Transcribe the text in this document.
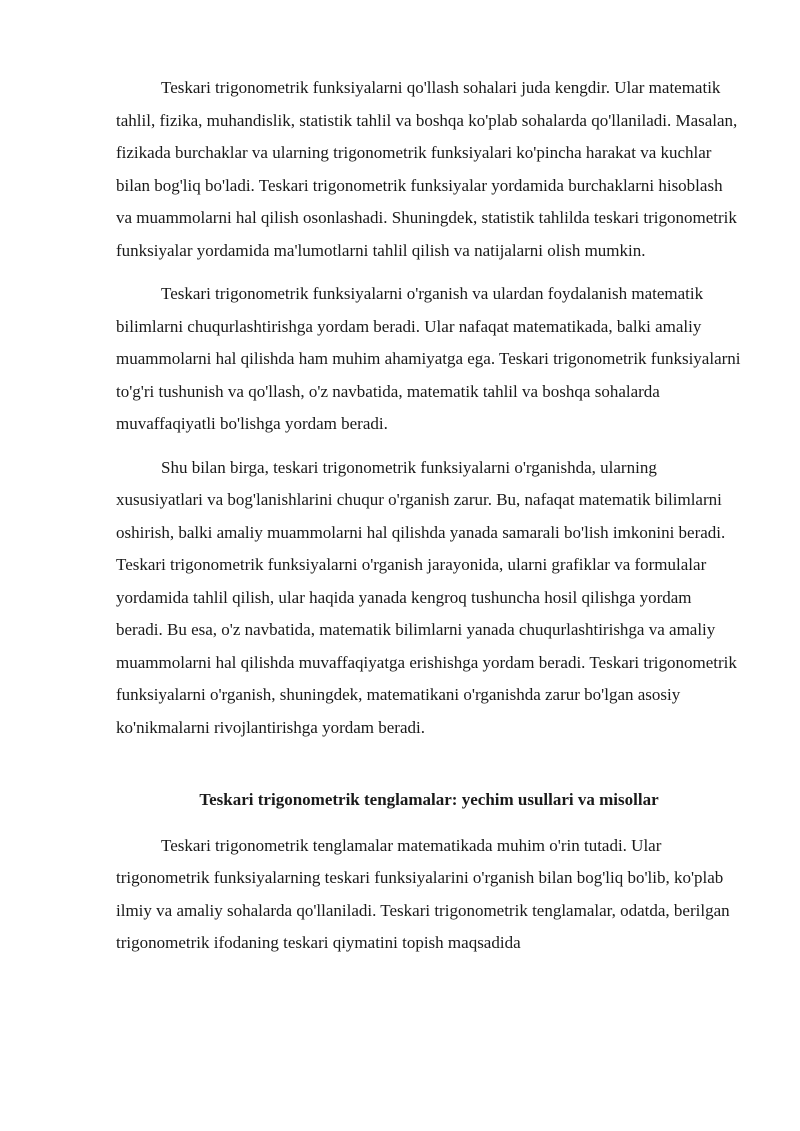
Teskari trigonometrik funksiyalarni qo'llash sohalari juda kengdir. Ular matematik tahlil, fizika, muhandislik, statistik tahlil va boshqa ko'plab sohalarda qo'llaniladi. Masalan, fizikada burchaklar va ularning trigonometrik funksiyalari ko'pincha harakat va kuchlar bilan bog'liq bo'ladi. Teskari trigonometrik funksiyalar yordamida burchaklarni hisoblash va muammolarni hal qilish osonlashadi. Shuningdek, statistik tahlilda teskari trigonometrik funksiyalar yordamida ma'lumotlarni tahlil qilish va natijalarni olish mumkin.

Teskari trigonometrik funksiyalarni o'rganish va ulardan foydalanish matematik bilimlarni chuqurlashtirishga yordam beradi. Ular nafaqat matematikada, balki amaliy muammolarni hal qilishda ham muhim ahamiyatga ega. Teskari trigonometrik funksiyalarni to'g'ri tushunish va qo'llash, o'z navbatida, matematik tahlil va boshqa sohalarda muvaffaqiyatli bo'lishga yordam beradi.

Shu bilan birga, teskari trigonometrik funksiyalarni o'rganishda, ularning xususiyatlari va bog'lanishlarini chuqur o'rganish zarur. Bu, nafaqat matematik bilimlarni oshirish, balki amaliy muammolarni hal qilishda yanada samarali bo'lish imkonini beradi. Teskari trigonometrik funksiyalarni o'rganish jarayonida, ularni grafiklar va formulalar yordamida tahlil qilish, ular haqida yanada kengroq tushuncha hosil qilishga yordam beradi. Bu esa, o'z navbatida, matematik bilimlarni yanada chuqurlashtirishga va amaliy muammolarni hal qilishda muvaffaqiyatga erishishga yordam beradi. Teskari trigonometrik funksiyalarni o'rganish, shuningdek, matematikani o'rganishda zarur bo'lgan asosiy ko'nikmalarni rivojlantirishga yordam beradi.

Teskari trigonometrik tenglamalar: yechim usullari va misollar

Teskari trigonometrik tenglamalar matematikada muhim o'rin tutadi. Ular trigonometrik funksiyalarning teskari funksiyalarini o'rganish bilan bog'liq bo'lib, ko'plab ilmiy va amaliy sohalarda qo'llaniladi. Teskari trigonometrik tenglamalar, odatda, berilgan trigonometrik ifodaning teskari qiymatini topish maqsadida
